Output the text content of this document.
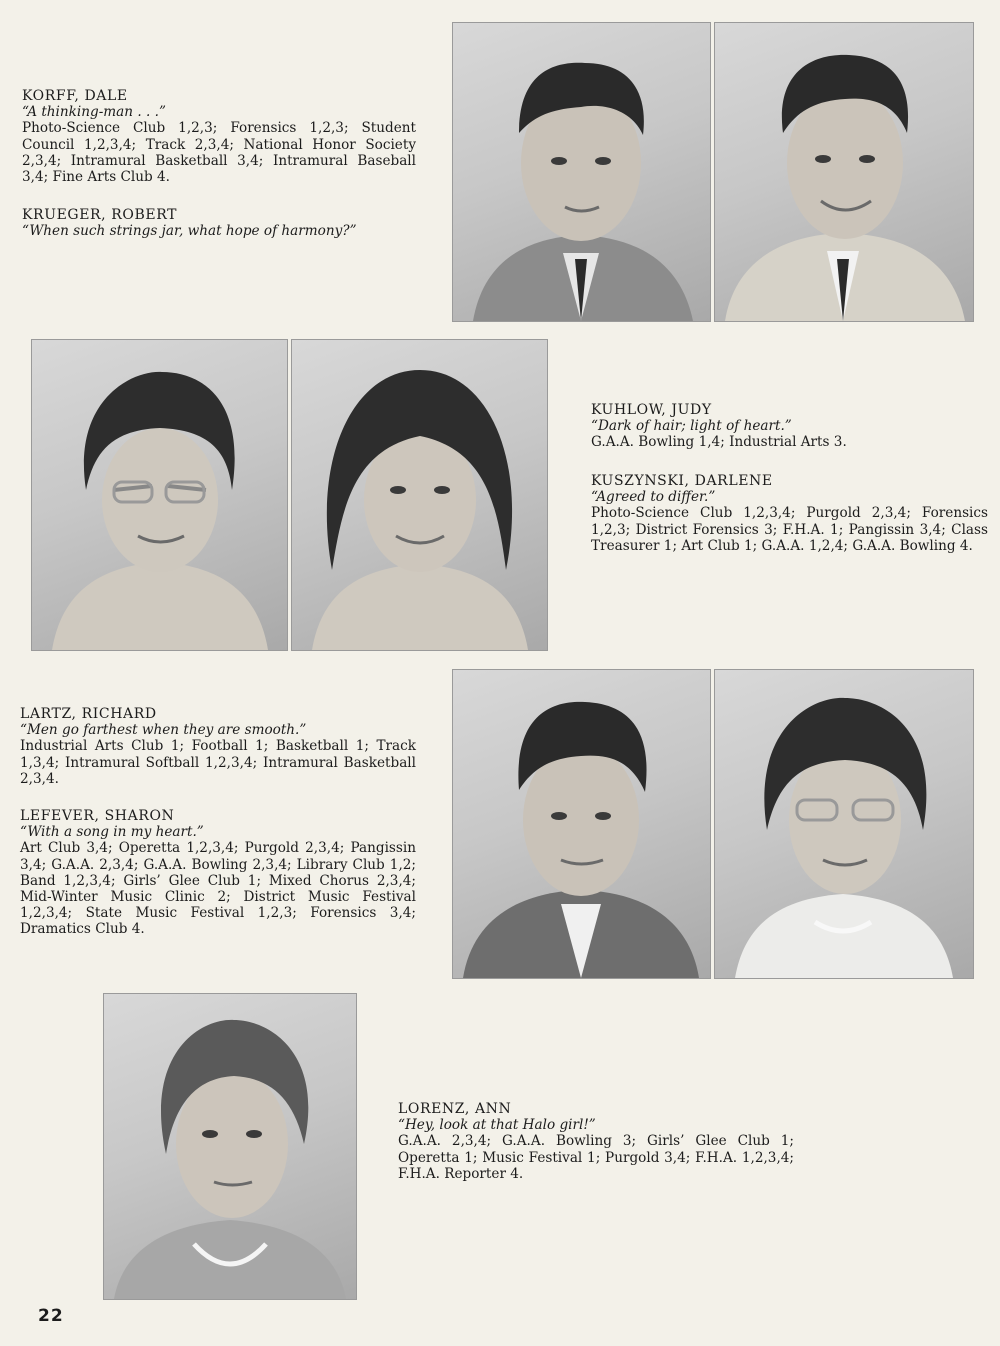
KORFF, DALE
“A thinking-man . . .”
Photo-Science Club 1,2,3; Forensics 1,2,3; Student Council 1,2,3,4; Track 2,3,4; National Honor Society 2,3,4; Intramural Basketball 3,4; Intramural Baseball 3,4; Fine Arts Club 4.
KRUEGER, ROBERT
“When such strings jar, what hope of harmony?”
KUHLOW, JUDY
“Dark of hair; light of heart.”
G.A.A. Bowling 1,4; Industrial Arts 3.
KUSZYNSKI, DARLENE
“Agreed to differ.”
Photo-Science Club 1,2,3,4; Purgold 2,3,4; Forensics 1,2,3; District Forensics 3; F.H.A. 1; Pangissin 3,4; Class Treasurer 1; Art Club 1; G.A.A. 1,2,4; G.A.A. Bowling 4.
LARTZ, RICHARD
“Men go farthest when they are smooth.”
Industrial Arts Club 1; Football 1; Basketball 1; Track 1,3,4; Intramural Softball 1,2,3,4; Intramural Basketball 2,3,4.
LEFEVER, SHARON
“With a song in my heart.”
Art Club 3,4; Operetta 1,2,3,4; Purgold 2,3,4; Pangissin 3,4; G.A.A. 2,3,4; G.A.A. Bowling 2,3,4; Library Club 1,2; Band 1,2,3,4; Girls’ Glee Club 1; Mixed Chorus 2,3,4; Mid-Winter Music Clinic 2; District Music Festival 1,2,3,4; State Music Festival 1,2,3; Forensics 3,4; Dramatics Club 4.
LORENZ, ANN
“Hey, look at that Halo girl!”
G.A.A. 2,3,4; G.A.A. Bowling 3; Girls’ Glee Club 1; Operetta 1; Music Festival 1; Purgold 3,4; F.H.A. 1,2,3,4; F.H.A. Reporter 4.
22
